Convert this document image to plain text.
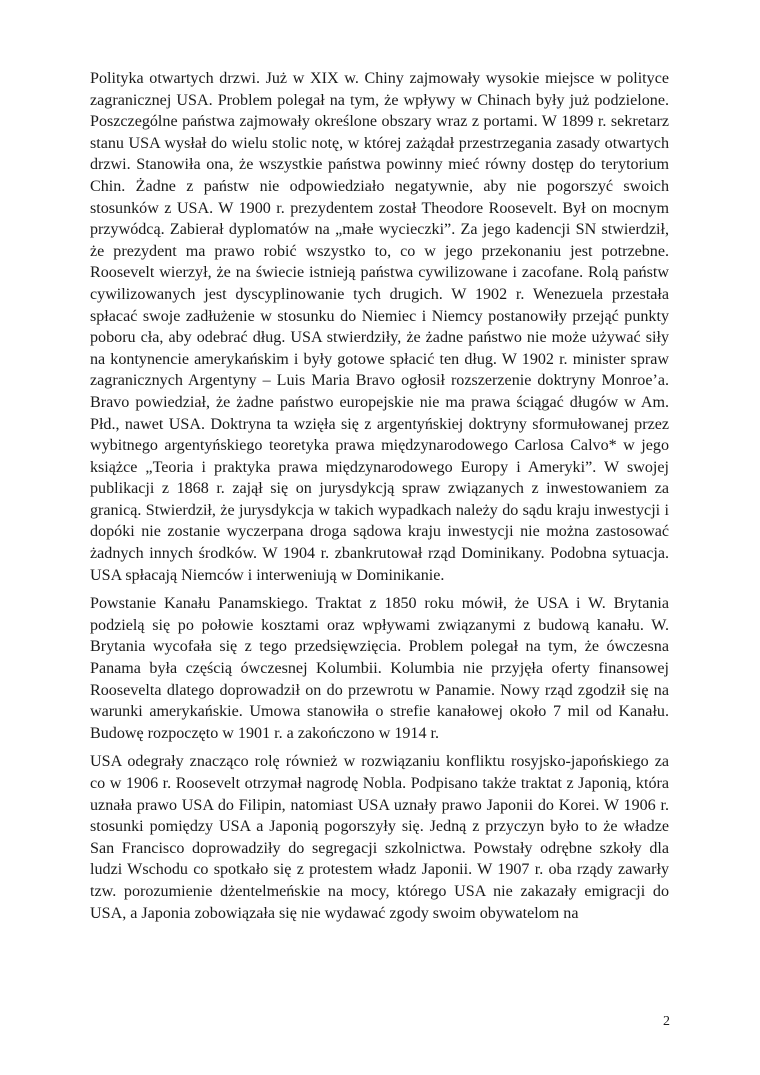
Polityka otwartych drzwi. Już w XIX w. Chiny zajmowały wysokie miejsce w polityce zagranicznej USA. Problem polegał na tym, że wpływy w Chinach były już podzielone. Poszczególne państwa zajmowały określone obszary wraz z portami. W 1899 r. sekretarz stanu USA wysłał do wielu stolic notę, w której zażądał przestrzegania zasady otwartych drzwi. Stanowiła ona, że wszystkie państwa powinny mieć równy dostęp do terytorium Chin. Żadne z państw nie odpowiedziało negatywnie, aby nie pogorszyć swoich stosunków z USA. W 1900 r. prezydentem został Theodore Roosevelt. Był on mocnym przywódcą. Zabierał dyplomatów na „małe wycieczki”. Za jego kadencji SN stwierdził, że prezydent ma prawo robić wszystko to, co w jego przekonaniu jest potrzebne. Roosevelt wierzył, że na świecie istnieją państwa cywilizowane i zacofane. Rolą państw cywilizowanych jest dyscyplinowanie tych drugich. W 1902 r. Wenezuela przestała spłacać swoje zadłużenie w stosunku do Niemiec i Niemcy postanowiły przejąć punkty poboru cła, aby odebrać dług. USA stwierdziły, że żadne państwo nie może używać siły na kontynencie amerykańskim i były gotowe spłacić ten dług. W 1902 r. minister spraw zagranicznych Argentyny – Luis Maria Bravo ogłosił rozszerzenie doktryny Monroe’a. Bravo powiedział, że żadne państwo europejskie nie ma prawa ściągać długów w Am. Płd., nawet USA. Doktryna ta wzięła się z argentyńskiej doktryny sformułowanej przez wybitnego argentyńskiego teoretyka prawa międzynarodowego Carlosa Calvo* w jego książce „Teoria i praktyka prawa międzynarodowego Europy i Ameryki”. W swojej publikacji z 1868 r. zajął się on jurysdykcją spraw związanych z inwestowaniem za granicą. Stwierdził, że jurysdykcja w takich wypadkach należy do sądu kraju inwestycji i dopóki nie zostanie wyczerpana droga sądowa kraju inwestycji nie można zastosować żadnych innych środków. W 1904 r. zbankrutował rząd Dominikany. Podobna sytuacja. USA spłacają Niemców i interweniują w Dominikanie.

Powstanie Kanału Panamskiego. Traktat z 1850 roku mówił, że USA i W. Brytania podzielą się po połowie kosztami oraz wpływami związanymi z budową kanału. W. Brytania wycofała się z tego przedsięwzięcia. Problem polegał na tym, że ówczesna Panama była częścią ówczesnej Kolumbii. Kolumbia nie przyjęła oferty finansowej Roosevelta dlatego doprowadził on do przewrotu w Panamie. Nowy rząd zgodził się na warunki amerykańskie. Umowa stanowiła o strefie kanałowej około 7 mil od Kanału. Budowę rozpoczęto w 1901 r. a zakończono w 1914 r.

USA odegrały znacząco rolę również w rozwiązaniu konfliktu rosyjsko-japońskiego za co w 1906 r. Roosevelt otrzymał nagrodę Nobla. Podpisano także traktat z Japonią, która uznała prawo USA do Filipin, natomiast USA uznały prawo Japonii do Korei. W 1906 r. stosunki pomiędzy USA a Japonią pogorszyły się. Jedną z przyczyn było to że władze San Francisco doprowadziły do segregacji szkolnictwa. Powstały odrębne szkoły dla ludzi Wschodu co spotkało się z protestem władz Japonii. W 1907 r. oba rządy zawarły tzw. porozumienie dżentelmeńskie na mocy, którego USA nie zakazały emigracji do USA, a Japonia zobowiązała się nie wydawać zgody swoim obywatelom na

2
